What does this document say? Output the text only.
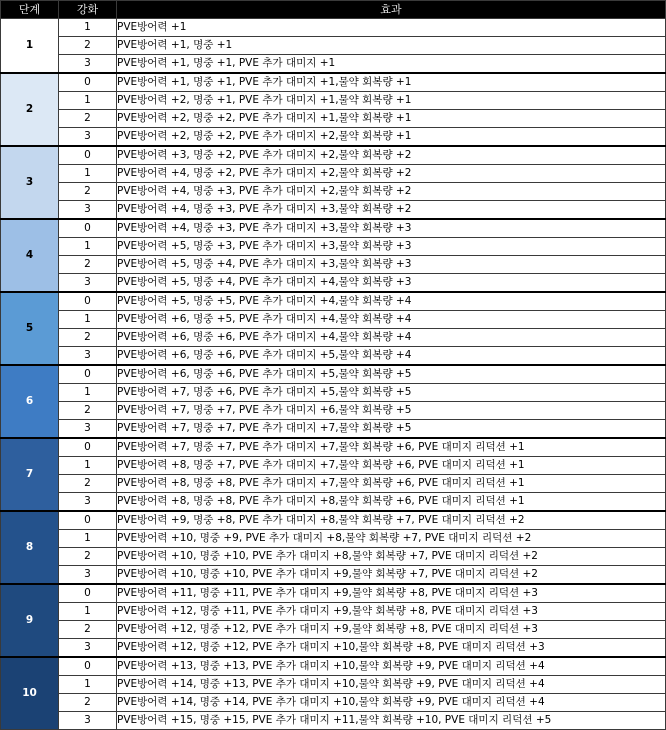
단계	강화	효과
1	1	PVE방어력 +1
	2	PVE방어력 +1, 명중 +1
	3	PVE방어력 +1, 명중 +1, PVE 추가 대미지 +1
2	0	PVE방어력 +1, 명중 +1, PVE 추가 대미지 +1,물약 회복량 +1
	1	PVE방어력 +2, 명중 +1, PVE 추가 대미지 +1,물약 회복량 +1
	2	PVE방어력 +2, 명중 +2, PVE 추가 대미지 +1,물약 회복량 +1
	3	PVE방어력 +2, 명중 +2, PVE 추가 대미지 +2,물약 회복량 +1
3	0	PVE방어력 +3, 명중 +2, PVE 추가 대미지 +2,물약 회복량 +2
	1	PVE방어력 +4, 명중 +2, PVE 추가 대미지 +2,물약 회복량 +2
	2	PVE방어력 +4, 명중 +3, PVE 추가 대미지 +2,물약 회복량 +2
	3	PVE방어력 +4, 명중 +3, PVE 추가 대미지 +3,물약 회복량 +2
4	0	PVE방어력 +4, 명중 +3, PVE 추가 대미지 +3,물약 회복량 +3
	1	PVE방어력 +5, 명중 +3, PVE 추가 대미지 +3,물약 회복량 +3
	2	PVE방어력 +5, 명중 +4, PVE 추가 대미지 +3,물약 회복량 +3
	3	PVE방어력 +5, 명중 +4, PVE 추가 대미지 +4,물약 회복량 +3
5	0	PVE방어력 +5, 명중 +5, PVE 추가 대미지 +4,물약 회복량 +4
	1	PVE방어력 +6, 명중 +5, PVE 추가 대미지 +4,물약 회복량 +4
	2	PVE방어력 +6, 명중 +6, PVE 추가 대미지 +4,물약 회복량 +4
	3	PVE방어력 +6, 명중 +6, PVE 추가 대미지 +5,물약 회복량 +4
6	0	PVE방어력 +6, 명중 +6, PVE 추가 대미지 +5,물약 회복량 +5
	1	PVE방어력 +7, 명중 +6, PVE 추가 대미지 +5,물약 회복량 +5
	2	PVE방어력 +7, 명중 +7, PVE 추가 대미지 +6,물약 회복량 +5
	3	PVE방어력 +7, 명중 +7, PVE 추가 대미지 +7,물약 회복량 +5
7	0	PVE방어력 +7, 명중 +7, PVE 추가 대미지 +7,물약 회복량 +6, PVE 대미지 리덕션 +1
	1	PVE방어력 +8, 명중 +7, PVE 추가 대미지 +7,물약 회복량 +6, PVE 대미지 리덕션 +1
	2	PVE방어력 +8, 명중 +8, PVE 추가 대미지 +7,물약 회복량 +6, PVE 대미지 리덕션 +1
	3	PVE방어력 +8, 명중 +8, PVE 추가 대미지 +8,물약 회복량 +6, PVE 대미지 리덕션 +1
8	0	PVE방어력 +9, 명중 +8, PVE 추가 대미지 +8,물약 회복량 +7, PVE 대미지 리덕션 +2
	1	PVE방어력 +10, 명중 +9, PVE 추가 대미지 +8,물약 회복량 +7, PVE 대미지 리덕션 +2
	2	PVE방어력 +10, 명중 +10, PVE 추가 대미지 +8,물약 회복량 +7, PVE 대미지 리덕션 +2
	3	PVE방어력 +10, 명중 +10, PVE 추가 대미지 +9,물약 회복량 +7, PVE 대미지 리덕션 +2
9	0	PVE방어력 +11, 명중 +11, PVE 추가 대미지 +9,물약 회복량 +8, PVE 대미지 리덕션 +3
	1	PVE방어력 +12, 명중 +11, PVE 추가 대미지 +9,물약 회복량 +8, PVE 대미지 리덕션 +3
	2	PVE방어력 +12, 명중 +12, PVE 추가 대미지 +9,물약 회복량 +8, PVE 대미지 리덕션 +3
	3	PVE방어력 +12, 명중 +12, PVE 추가 대미지 +10,물약 회복량 +8, PVE 대미지 리덕션 +3
10	0	PVE방어력 +13, 명중 +13, PVE 추가 대미지 +10,물약 회복량 +9, PVE 대미지 리덕션 +4
	1	PVE방어력 +14, 명중 +13, PVE 추가 대미지 +10,물약 회복량 +9, PVE 대미지 리덕션 +4
	2	PVE방어력 +14, 명중 +14, PVE 추가 대미지 +10,물약 회복량 +9, PVE 대미지 리덕션 +4
	3	PVE방어력 +15, 명중 +15, PVE 추가 대미지 +11,물약 회복량 +10, PVE 대미지 리덕션 +5
